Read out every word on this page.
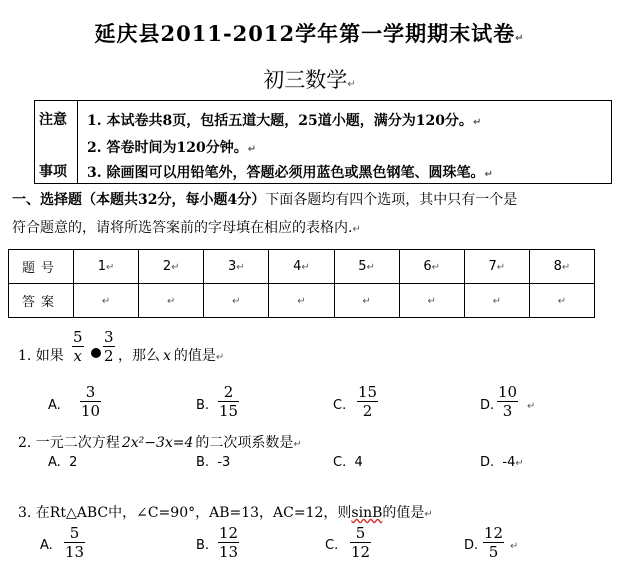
延庆县2011-2012学年第一学期期末试卷↵
初三数学↵
注意
事项
1. 本试卷共8页，包括五道大题，25道小题，满分为120分。↵
2. 答卷时间为120分钟。↵
3. 除画图可以用铅笔外，答题必须用蓝色或黑色钢笔、圆珠笔。↵
一、选择题（本题共32分，每小题4分）下面各题均有四个选项，其中只有一个是
符合题意的，请将所选答案前的字母填在相应的表格内.↵
题号	1↵	2↵	3↵	4↵	5↵	6↵	7↵	8↵
答案	↵	↵	↵	↵	↵	↵	↵	↵
1. 如果
5
x
3
2 ，那么 x 的值是↵
A.
3
10	B.
2
15	C.
15
2	D.
10
3 ↵
2. 一元二次方程 2x²−3x=4 的二次项系数是↵
A. 2	B. -3	C. 4	D. -4↵
3. 在Rt△ABC中，∠C=90°，AB=13，AC=12，则sinB的值是↵
A.
5
13	B.
12
13	C.
5
12	D.
12
5 ↵
